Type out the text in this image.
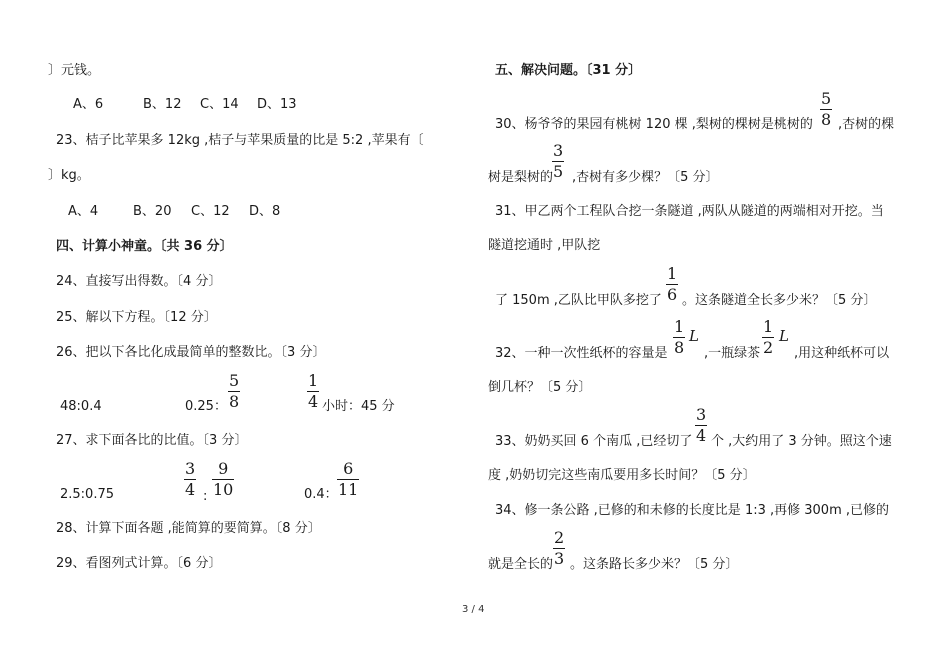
〕元钱。
A、6	B、12 C、14 D、13
23、桔子比苹果多 12kg ,桔子与苹果质量的比是 5:2 ,苹果有〔
〕kg。
A、4	B、20 C、12 D、8
四、计算小神童。〔共 36 分〕
24、直接写出得数。〔4 分〕
25、解以下方程。〔12 分〕
26、把以下各比化成最简单的整数比。〔3 分〕
48:0.4	0.25：
5
8
1
4 小时：45 分
27、求下面各比的比值。〔3 分〕
2.5:0.75
3
4 :
9
10	0.4：
6
11
28、计算下面各题 ,能简算的要简算。〔8 分〕
29、看图列式计算。〔6 分〕
五、解决问题。〔31 分〕
30、杨爷爷的果园有桃树 120 棵 ,梨树的棵树是桃树的
5
8 ,杏树的棵
树是梨树的
3
5 ,杏树有多少棵？〔5 分〕
31、甲乙两个工程队合挖一条隧道 ,两队从隧道的两端相对开挖。当
隧道挖通时 ,甲队挖
了 150m ,乙队比甲队多挖了
1
6 。这条隧道全长多少米？〔5 分〕
32、一种一次性纸杯的容量是
1
8
L
,一瓶绿茶
1
2
L
,用这种纸杯可以
倒几杯？〔5 分〕
33、奶奶买回 6 个南瓜 ,已经切了
3
4 个 ,大约用了 3 分钟。照这个速
度 ,奶奶切完这些南瓜要用多长时间？〔5 分〕
34、修一条公路 ,已修的和未修的长度比是 1:3 ,再修 300m ,已修的
就是全长的
2
3 。这条路长多少米？〔5 分〕
3 / 4
